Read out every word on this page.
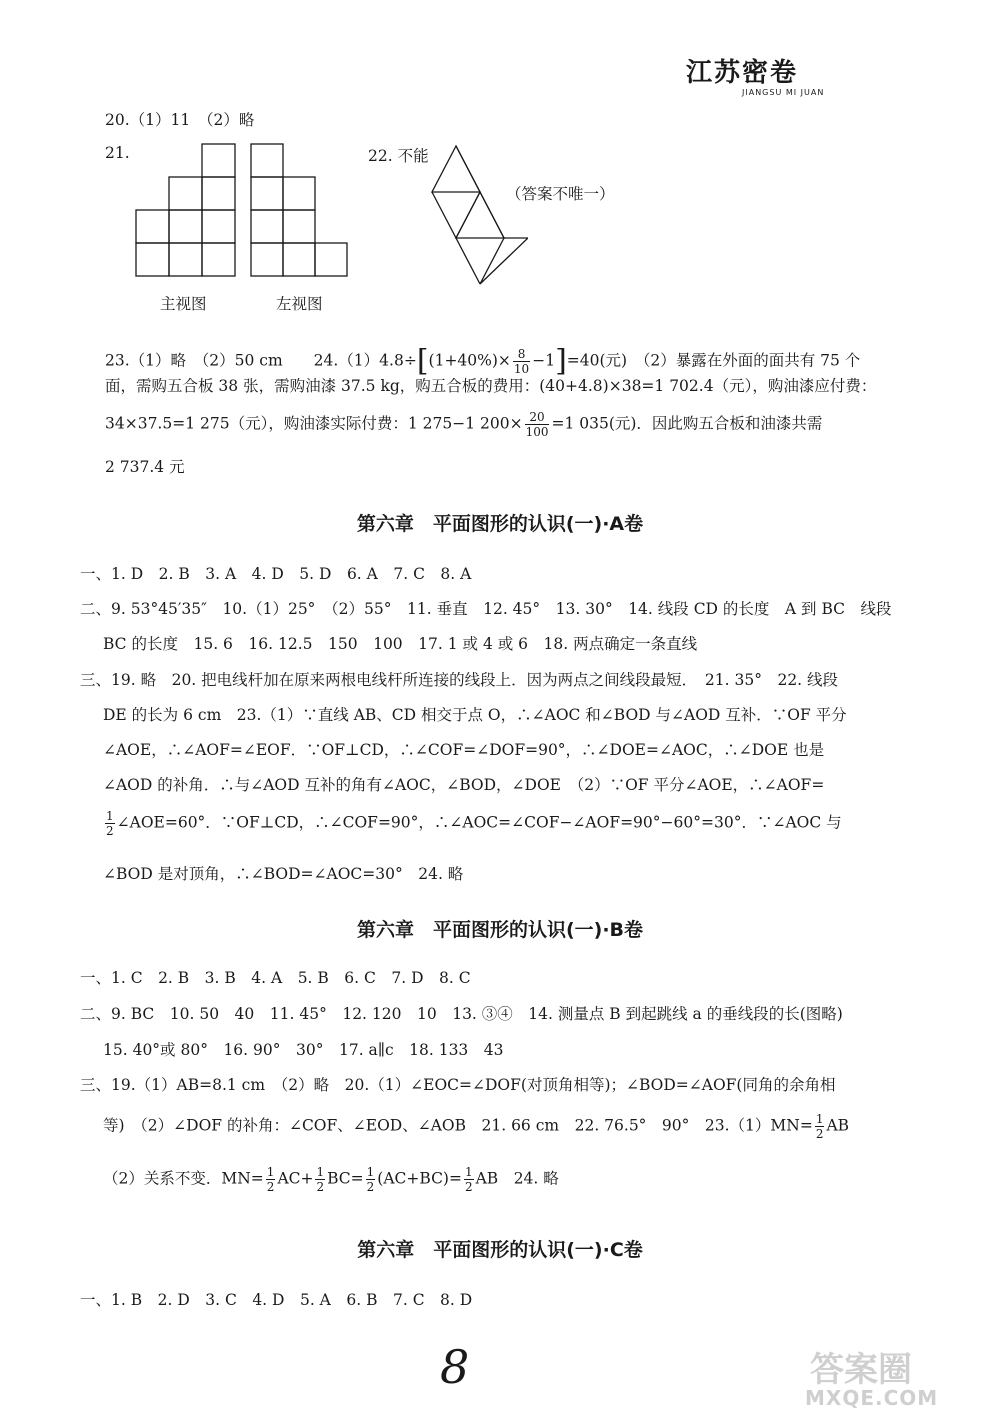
江苏密卷
JIANGSU MI JUAN
20.（1）11　（2）略
21.
主视图	左视图
22. 不能
（答案不唯一）
23.（1）略　（2）50 cm　　$24.(1)4.8\div[(1+40\%)\times \frac{8}{10} -1]=40$(元)　（2）暴露在外面的面共有 75 个
面，需购五合板 38 张，需购油漆 37.5 kg，购五合板的费用：(40+4.8)×38=1 702.4（元），购油漆应付费：
34×37.5=1 275（元），购油漆实际付费：1 275−1 $200\times \frac{20}{100} =1$ 035(元)．因此购五合板和油漆共需
2 737.4 元
第六章　平面图形的认识(一)·A卷
一、1. D　2. B　3. A　4. D　5. D　6. A　7. C　8. A
二、9. 53°45′35″　10.（1）25°　（2）55°　11. 垂直　12. 45°　13. 30°　14. 线段 CD 的长度　A 到 BC　线段
BC 的长度　15. 6　16. 12.5　150　100　17. 1 或 4 或 6　18. 两点确定一条直线
三、19. 略　20. 把电线杆加在原来两根电线杆所连接的线段上．因为两点之间线段最短．　21. 35°　22. 线段
DE 的长为 6 cm　23.（1）∵直线 AB、CD 相交于点 O，∴∠AOC 和∠BOD 与∠AOD 互补．∵OF 平分
∠AOE，∴∠AOF=∠EOF．∵OF⊥CD，∴∠COF=∠DOF=90°，∴∠DOE=∠AOC，∴∠DOE 也是
∠AOD 的补角．∴与∠AOD 互补的角有∠AOC，∠BOD，∠DOE　（2）∵OF 平分∠AOE，∴∠AOF=
$\frac{1}{2}$ ∠AOE=60°．∵OF⊥CD，∴∠COF=90°，∴∠AOC=∠COF−∠AOF=90°−60°=30°．∵∠AOC 与
∠BOD 是对顶角，∴∠BOD=∠AOC=30°　24. 略
第六章　平面图形的认识(一)·B卷
一、1. C　2. B　3. B　4. A　5. B　6. C　7. D　8. C
二、9. BC　10. 50　40　11. 45°　12. 120　10　13. ③④　14. 测量点 B 到起跳线 a 的垂线段的长(图略)
15. 40°或 80°　16. 90°　30°　17. a∥c　18. 133　43
三、19.（1）AB=8.1 cm　（2）略　20.（1）∠EOC=∠DOF(对顶角相等)；∠BOD=∠AOF(同角的余角相
等)　（2）∠DOF 的补角：∠COF、∠EOD、∠AOB　21. 66 cm　22. 76.5°　90°　$23.(1)MN= \frac{1}{2}$ AB
（2）关系不变．$MN= \frac{1}{2} AC+ \frac{1}{2} BC= \frac{1}{2} (AC+BC)= \frac{1}{2}$ AB　24. 略
第六章　平面图形的认识(一)·C卷
一、1. B　2. D　3. C　4. D　5. A　6. B　7. C　8. D
8	答案圈
MXQE.COM
